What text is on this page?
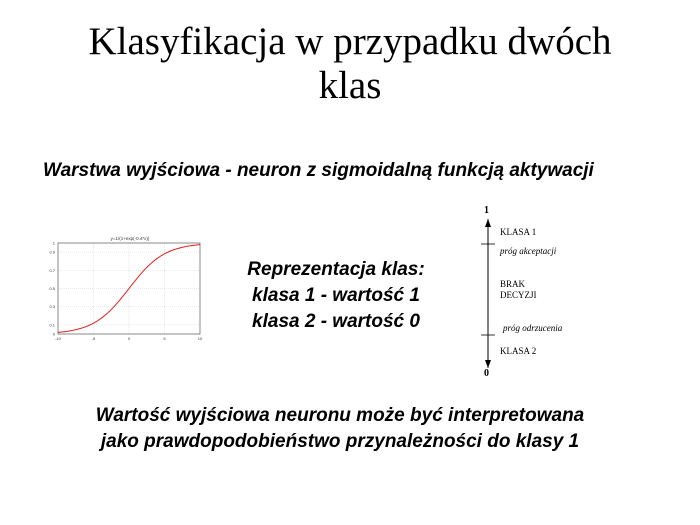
Klasyfikacja w przypadku dwóch
klas
Warstwa wyjściowa - neuron z sigmoidalną funkcją aktywacji
y=1/(1+exp(-0.4*x))
-10	-5	0	5	10
0
0.1
0.3
0.5
0.7
0.9
1
Reprezentacja klas:
klasa 1 - wartość 1
klasa 2 - wartość 0
1
KLASA 1
próg akceptacji
BRAK
DECYZJI
próg odrzucenia
KLASA 2
0
Wartość wyjściowa neuronu może być interpretowana
jako prawdopodobieństwo przynależności do klasy 1
